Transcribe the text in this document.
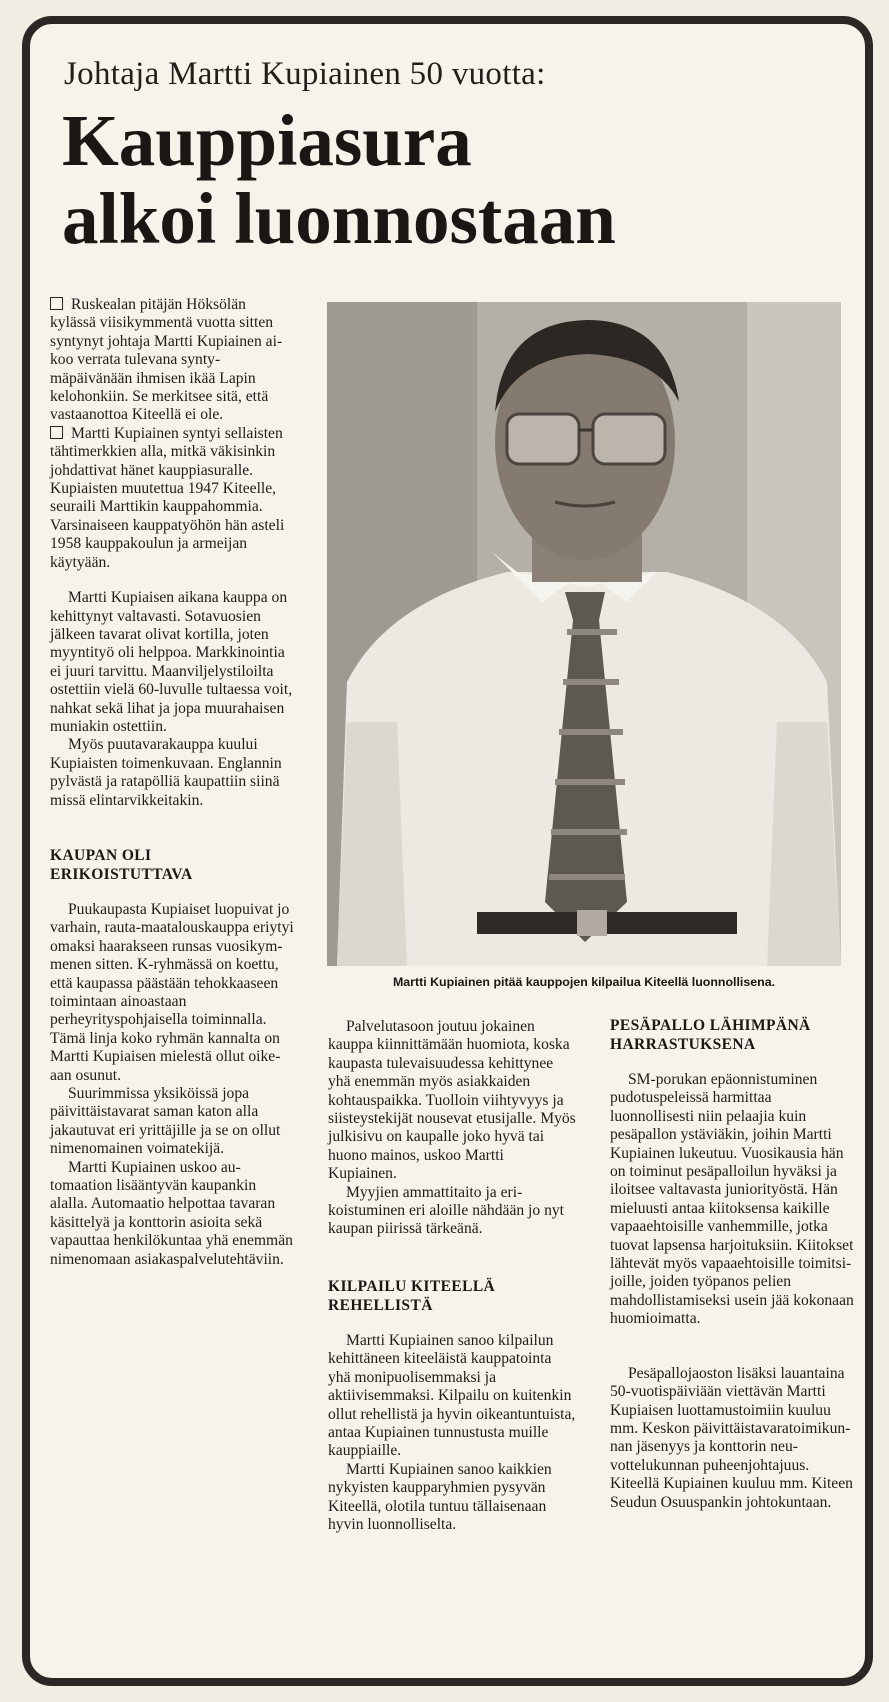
Johtaja Martti Kupiainen 50 vuotta:
Kauppiasura
alkoi luonnostaan

Ruskealan pitäjän Höksölän kylässä viisikymmentä vuotta sitten syntynyt johtaja Martti Kupiainen aikoo verrata tulevana syntymäpäivänään ihmisen ikää Lapin kelohonkiin. Se merkitsee sitä, että vastaanottoa Kiteellä ei ole.

Martti Kupiainen syntyi sellaisten tähtimerkkien alla, mitkä väkisinkin johdattivat hänet kauppiasuralle. Kupiaisten muutettua 1947 Kiteelle, seuraili Marttikin kauppahommia. Varsinaiseen kauppatyöhön hän asteli 1958 kauppakoulun ja armeijan käytyään.

Martti Kupiaisen aikana kauppa on kehittynyt valtavasti. Sotavuosien jälkeen tavarat olivat kortilla, joten myyntityö oli helppoa. Markkinointia ei juuri tarvittu. Maanviljelystiloilta ostettiin vielä 60-luvulle tultaessa voit, nahkat sekä lihat ja jopa muurahaisen muniakin ostettiin.

Myös puutavarakauppa kuului Kupiaisten toimenkuvaan. Englannin pylvästä ja ratapölliä kaupattiin siinä missä elintarvikkeitakin.

KAUPAN OLI ERIKOISTUTTAVA

Puukaupasta Kupiaiset luopuivat jo varhain, rauta-maatalouskauppa eriytyi omaksi haarakseen runsas vuosikymmenen sitten. K-ryhmässä on koettu, että kaupassa päästään tehokkaaseen toimintaan ainoastaan perheyrityspohjaisella toiminnalla. Tämä linja koko ryhmän kannalta on Martti Kupiaisen mielestä ollut oikeaan osunut.

Suurimmissa yksiköissä jopa päivittäistavarat saman katon alla jakautuvat eri yrittäjille ja se on ollut nimenomainen voimatekijä.

Martti Kupiainen uskoo automaation lisääntyvän kaupankin alalla. Automaatio helpottaa tavaran käsittelyä ja konttorin asioita sekä vapauttaa henkilökuntaa yhä enemmän nimenomaan asiakaspalvelutehtäviin.

Martti Kupiainen pitää kauppojen kilpailua Kiteellä luonnollisena.

Palvelutasoon joutuu jokainen kauppa kiinnittämään huomiota, koska kaupasta tulevaisuudessa kehittynee yhä enemmän myös asiakkaiden kohtauspaikka. Tuolloin viihtyvyys ja siisteystekijät nousevat etusijalle. Myös julkisivu on kaupalle joko hyvä tai huono mainos, uskoo Martti Kupiainen.

Myyjien ammattitaito ja erikoistuminen eri aloille nähdään jo nyt kaupan piirissä tärkeänä.

KILPAILU KITEELLÄ REHELLISTÄ

Martti Kupiainen sanoo kilpailun kehittäneen kiteeläistä kauppatointa yhä monipuolisemmaksi ja aktiivisemmaksi. Kilpailu on kuitenkin ollut rehellistä ja hyvin oikeantuntuista, antaa Kupiainen tunnustusta muille kauppiaille.

Martti Kupiainen sanoo kaikkien nykyisten kaupparyhmien pysyvän Kiteellä, olotila tuntuu tällaisenaan hyvin luonnolliselta.

PESÄPALLO LÄHIMPÄNÄ HARRASTUKSENA

SM-porukan epäonnistuminen pudotuspeleissä harmittaa luonnollisesti niin pelaajia kuin pesäpallon ystäviäkin, joihin Martti Kupiainen lukeutuu. Vuosikausia hän on toiminut pesäpalloilun hyväksi ja iloitsee valtavasta juniorityöstä. Hän mieluusti antaa kiitoksensa kaikille vapaaehtoisille vanhemmille, jotka tuovat lapsensa harjoituksiin. Kiitokset lähtevät myös vapaaehtoisille toimitsijoille, joiden työpanos pelien mahdollistamiseksi usein jää kokonaan huomioimatta.

Pesäpallojaoston lisäksi lauantaina 50-vuotispäiviään viettävän Martti Kupiaisen luottamustoimiin kuuluu mm. Keskon päivittäistavaratoimikunnan jäsenyys ja konttorin neuvottelukunnan puheenjohtajuus. Kiteellä Kupiainen kuuluu mm. Kiteen Seudun Osuuspankin johtokuntaan.
